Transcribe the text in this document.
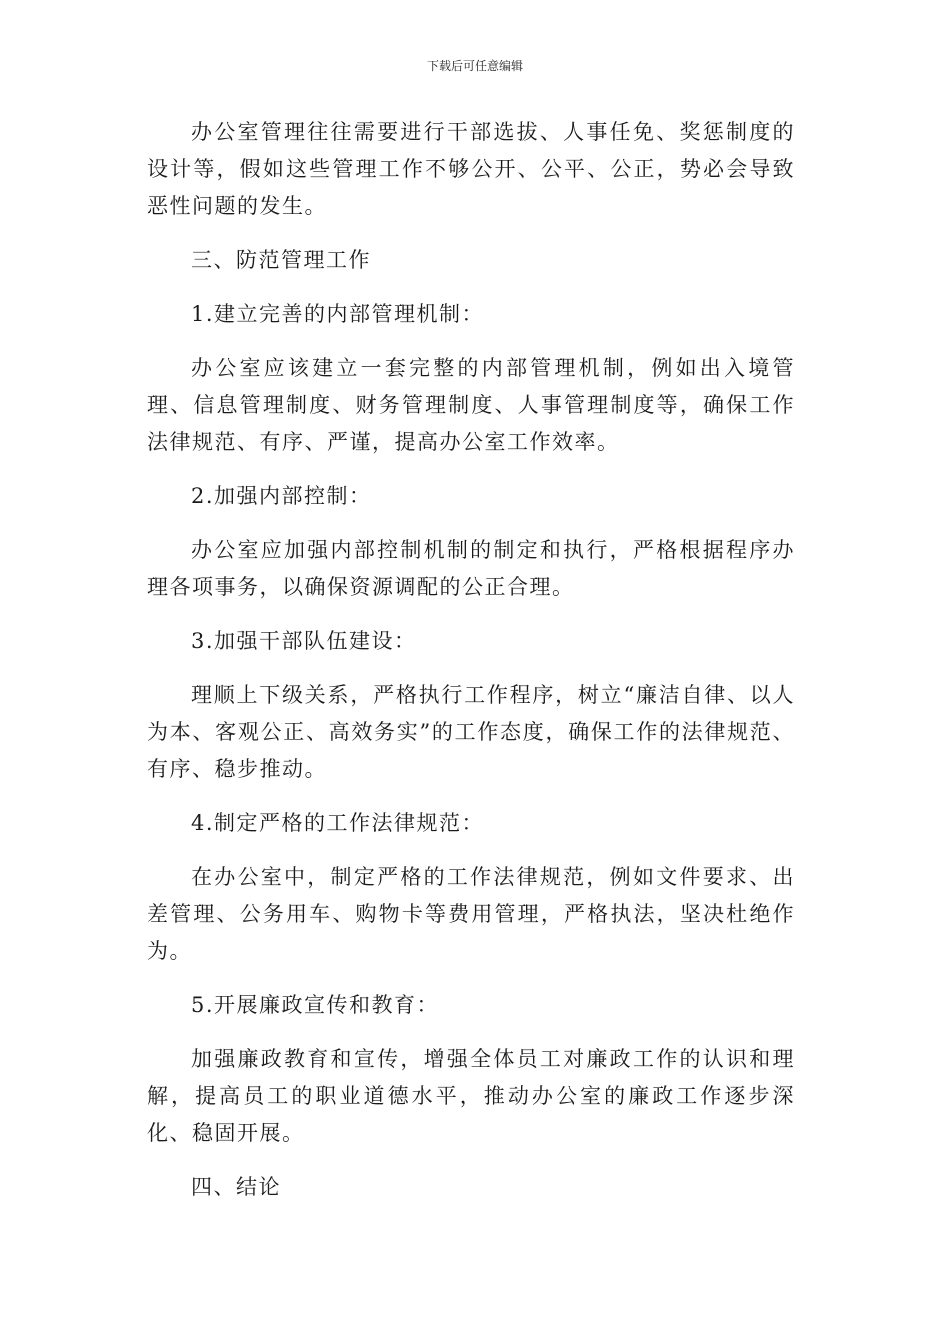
下载后可任意编辑

办公室管理往往需要进行干部选拔、人事任免、奖惩制度的设计等，假如这些管理工作不够公开、公平、公正，势必会导致恶性问题的发生。

三、防范管理工作

1.建立完善的内部管理机制：

办公室应该建立一套完整的内部管理机制，例如出入境管理、信息管理制度、财务管理制度、人事管理制度等，确保工作法律规范、有序、严谨，提高办公室工作效率。

2.加强内部控制：

办公室应加强内部控制机制的制定和执行，严格根据程序办理各项事务，以确保资源调配的公正合理。

3.加强干部队伍建设：

理顺上下级关系，严格执行工作程序，树立“廉洁自律、以人为本、客观公正、高效务实”的工作态度，确保工作的法律规范、有序、稳步推动。

4.制定严格的工作法律规范：

在办公室中，制定严格的工作法律规范，例如文件要求、出差管理、公务用车、购物卡等费用管理，严格执法，坚决杜绝作为。

5.开展廉政宣传和教育：

加强廉政教育和宣传，增强全体员工对廉政工作的认识和理解，提高员工的职业道德水平，推动办公室的廉政工作逐步深化、稳固开展。

四、结论
